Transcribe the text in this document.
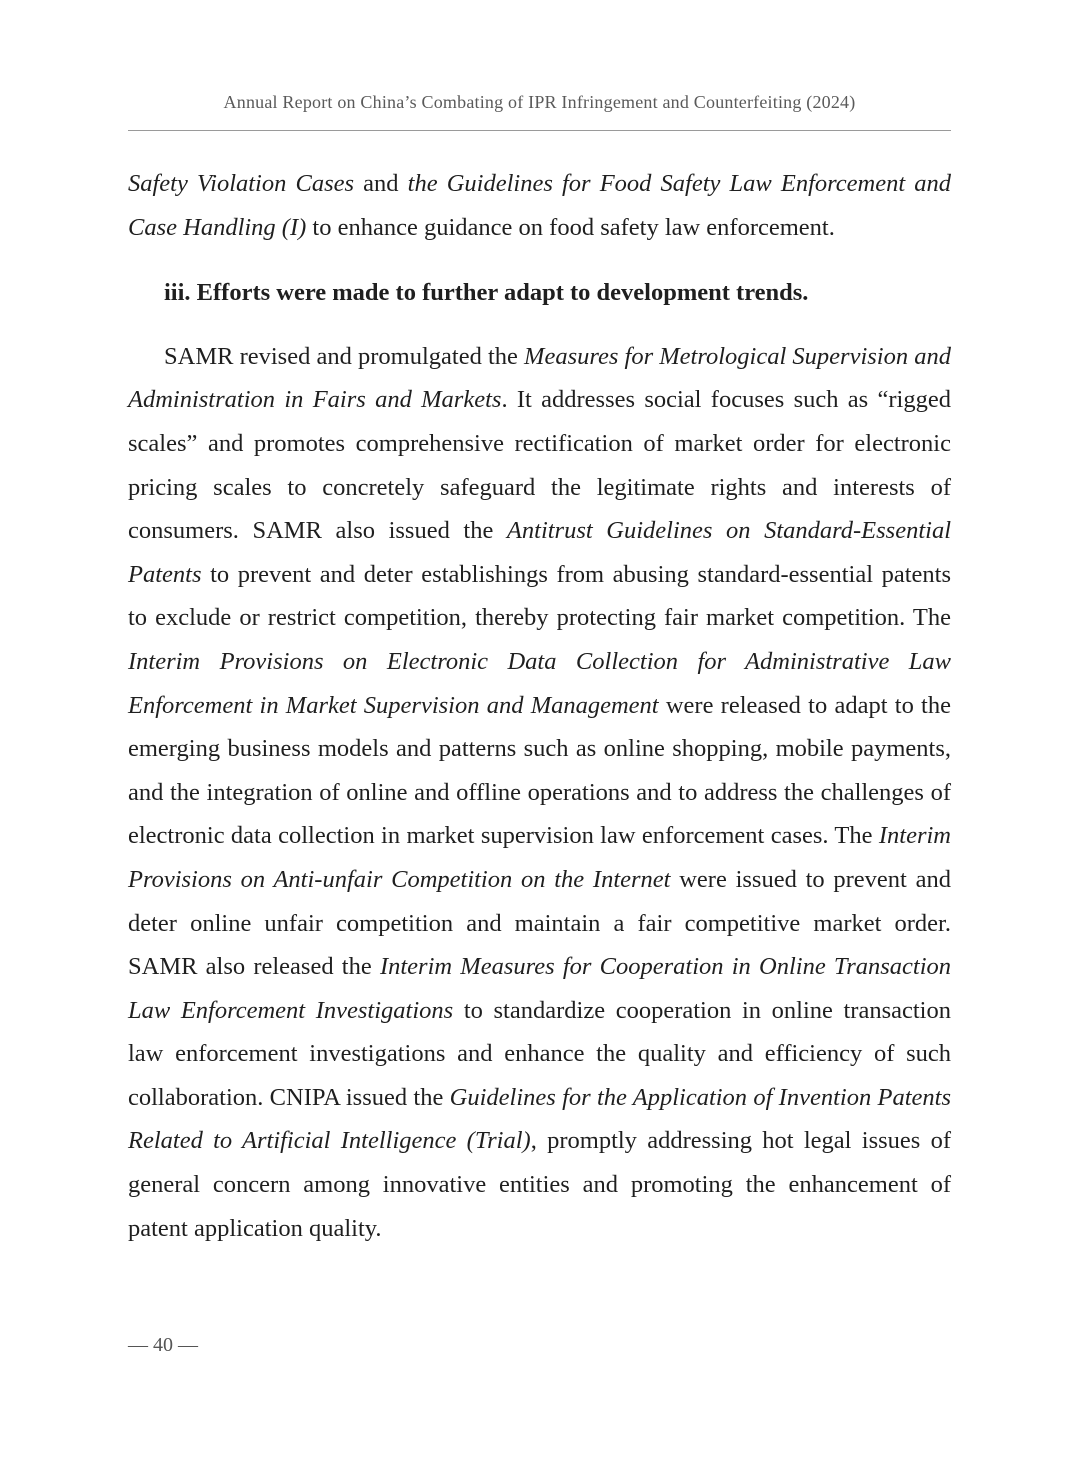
Annual Report on China’s Combating of IPR Infringement and Counterfeiting (2024)

Safety Violation Cases and the Guidelines for Food Safety Law Enforcement and Case Handling (I) to enhance guidance on food safety law enforcement.

iii. Efforts were made to further adapt to development trends.

SAMR revised and promulgated the Measures for Metrological Supervision and Administration in Fairs and Markets. It addresses social focuses such as “rigged scales” and promotes comprehensive rectification of market order for electronic pricing scales to concretely safeguard the legitimate rights and interests of consumers. SAMR also issued the Antitrust Guidelines on Standard-Essential Patents to prevent and deter establishings from abusing standard-essential patents to exclude or restrict competition, thereby protecting fair market competition. The Interim Provisions on Electronic Data Collection for Administrative Law Enforcement in Market Supervision and Management were released to adapt to the emerging business models and patterns such as online shopping, mobile payments, and the integration of online and offline operations and to address the challenges of electronic data collection in market supervision law enforcement cases. The Interim Provisions on Anti-unfair Competition on the Internet were issued to prevent and deter online unfair competition and maintain a fair competitive market order. SAMR also released the Interim Measures for Cooperation in Online Transaction Law Enforcement Investigations to standardize cooperation in online transaction law enforcement investigations and enhance the quality and efficiency of such collaboration. CNIPA issued the Guidelines for the Application of Invention Patents Related to Artificial Intelligence (Trial), promptly addressing hot legal issues of general concern among innovative entities and promoting the enhancement of patent application quality.

— 40 —
